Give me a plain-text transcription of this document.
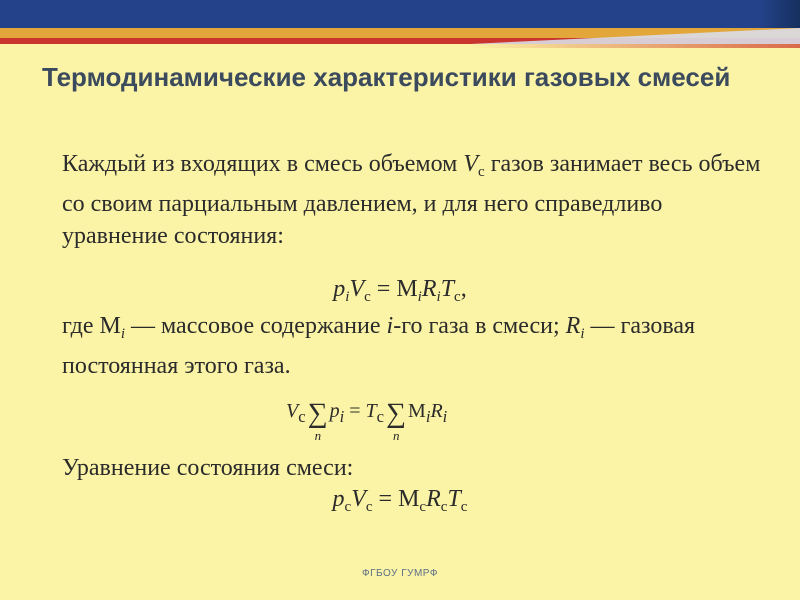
Термодинамические характеристики газовых смесей
Каждый из входящих в смесь объемом $V_с$ газов занимает весь объем со своим парциальным давлением, и для него справедливо уравнение состояния:
$p_iV_с = M_iR_iT_с$,
где $M_i$ — массовое содержание i-го газа в смеси; $R_i$ — газовая постоянная этого газа.
$V_с\sum$
n
$p_i = T_с\sum$
n
$M_iR_i$
Уравнение состояния смеси:
$p_сV_с = M_сR_сT_с$
ФГБОУ ГУМРФ
